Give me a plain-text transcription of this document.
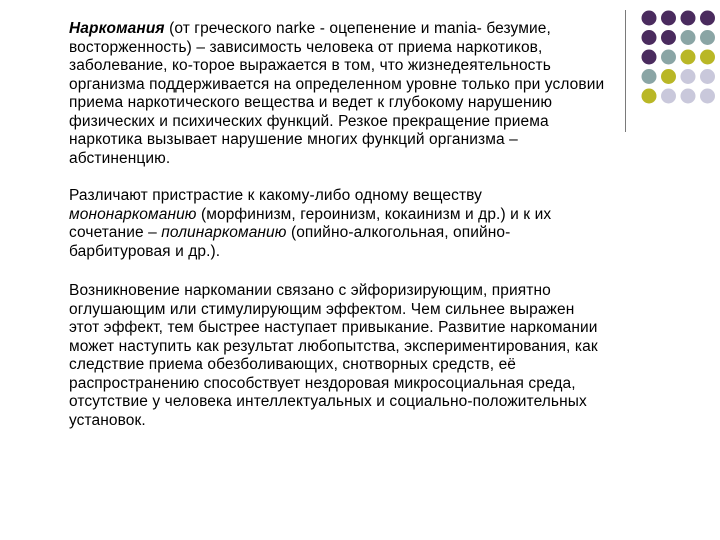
Наркомания (от греческого narke - оцепенение и mania- безумие, восторженность) – зависимость человека от приема наркотиков, заболевание, ко-торое выражается в том, что жизнедеятельность организма поддерживается на определенном уровне только при условии приема наркотического вещества и ведет к глубокому нарушению физических и психических функций. Резкое прекращение приема наркотика вызывает нарушение многих функций организма – абстиненцию.

Различают пристрастие к какому-либо одному веществу мононаркоманию (морфинизм, героинизм, кокаинизм и др.) и к их сочетание – полинаркоманию (опийно-алкогольная, опийно-барбитуровая и др.).

Возникновение наркомании связано с эйфоризирующим, приятно оглушающим или стимулирующим эффектом. Чем сильнее выражен этот эффект, тем быстрее наступает привыкание. Развитие наркомании может наступить как результат любопытства, экспериментирования, как следствие приема обезболивающих, снотворных средств, её распространению способствует нездоровая микросоциальная среда, отсутствие у человека интеллектуальных и социально-положительных установок.
